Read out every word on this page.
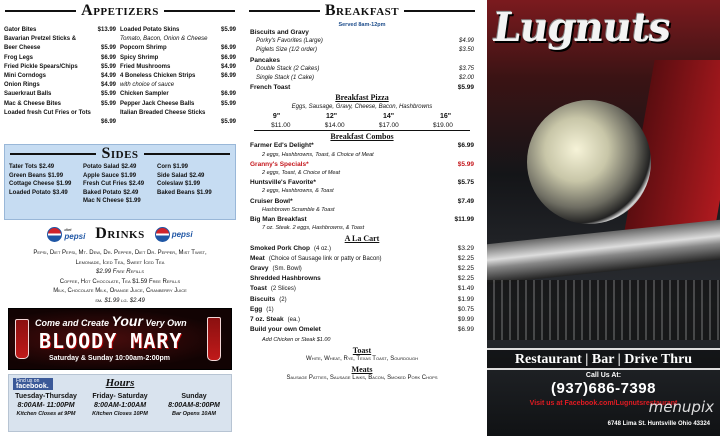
Appetizers
Gator Bites	$13.99
Bavarian Pretzel Sticks &
Beer Cheese	$5.99
Frog Legs	$6.99
Fried Pickle Spears/Chips	$5.99
Mini Corndogs	$4.99
Onion Rings	$4.99
Sauerkraut Balls	$5.99
Mac & Cheese Bites	$5.99
Loaded fresh Cut Fries or Tots
$6.99
Loaded Potato Skins	$5.99
Tomato, Bacon, Onion & Cheese
Popcorn Shrimp	$6.99
Spicy Shrimp	$6.99
Fried Mushrooms	$4.99
4 Boneless Chicken Strips	$6.99
with choice of sauce
Chicken Sampler	$6.99
Pepper Jack Cheese Balls	$5.99
Italian Breaded Cheese Sticks
$5.99
Sides
Tater Tots $2.49
Green Beans $1.99
Cottage Cheese $1.99
Loaded Potato $3.49
Potato Salad $2.49
Apple Sauce $1.99
Fresh Cut Fries $2.49
Baked Potato $2.49
Mac N Cheese $1.99
Corn $1.99
Side Salad $2.49
Coleslaw $1.99
Baked Beans $1.99
diet
pepsi Drinks	pepsi
Pepsi, Diet Pepsi, Mt. Dew, Dr. Pepper, Diet Dr. Pepper, Mist Twist,
Lemonade, Iced Tea, Sweet Iced Tea
$2.99 Free Refills
Coffee, Hot Chocolate, Tea $1.59 Free Refills
Milk, Chocolate Milk, Orange Juice, Cranberry Juice
sm. $1.99 lg. $2.49
Come and Create Your Very Own
BLOODY MARY
Saturday & Sunday 10:00am-2:00pm
Find us on
facebook.	Hours
Tuesday-Thursday
8:00AM- 11:00PM
Kitchen Closes at 9PM
Friday- Saturday
8:00AM-1:00AM
Kitchen Closes 10PM
Sunday
8:00AM-8:00PM
Bar Opens 10AM
Breakfast
Served 8am-12pm
Biscuits and Gravy
Porky's Favorites (Large)	$4.99
Piglets Size (1/2 order)	$3.50
Pancakes
Double Stack (2 Cakes)	$3.75
Single Stack (1 Cake)	$2.00
French Toast	$5.99
Breakfast Pizza
Eggs, Sausage, Gravy, Cheese, Bacon, Hashbrowns
9"	12"	14"	16"
$11.00	$14.00	$17.00	$19.00
Breakfast Combos
Farmer Ed's Delight*	$6.99
2 eggs, Hashbrowns, Toast, & Choice of Meat
Granny's Specials*	$5.99
2 eggs, Toast, & Choice of Meat
Huntsville's Favorite*	$5.75
2 eggs, Hashbrowns, & Toast
Cruiser Bowl*	$7.49
Hashbrown Scramble & Toast
Big Man Breakfast	$11.99
7 oz. Steak. 2 eggs, Hashbrowns, & Toast
A La Cart
Smoked Pork Chop (4 oz.)	$3.29
Meat (Choice of Sausage link or patty or Bacon)	$2.25
Gravy (Sm. Bowl)	$2.25
Shredded Hashbrowns	$2.25
Toast (2 Slices)	$1.49
Biscuits (2)	$1.99
Egg (1)	$0.75
7 oz. Steak (ea.)	$9.99
Build your own Omelet	$6.99
Add Chicken or Steak $1.00
Toast
White, Wheat, Rye, Texas Toast, Sourdough
Meats
Sausage Patties, Sausage Links, Bacon, Smoked Pork Chops
Lugnuts
Restaurant | Bar | Drive Thru
Call Us At:
(937)686-7398
Visit us at Facebook.com/Lugnutsrestaurant
menupix
6748 Lima St. Huntsville Ohio 43324
